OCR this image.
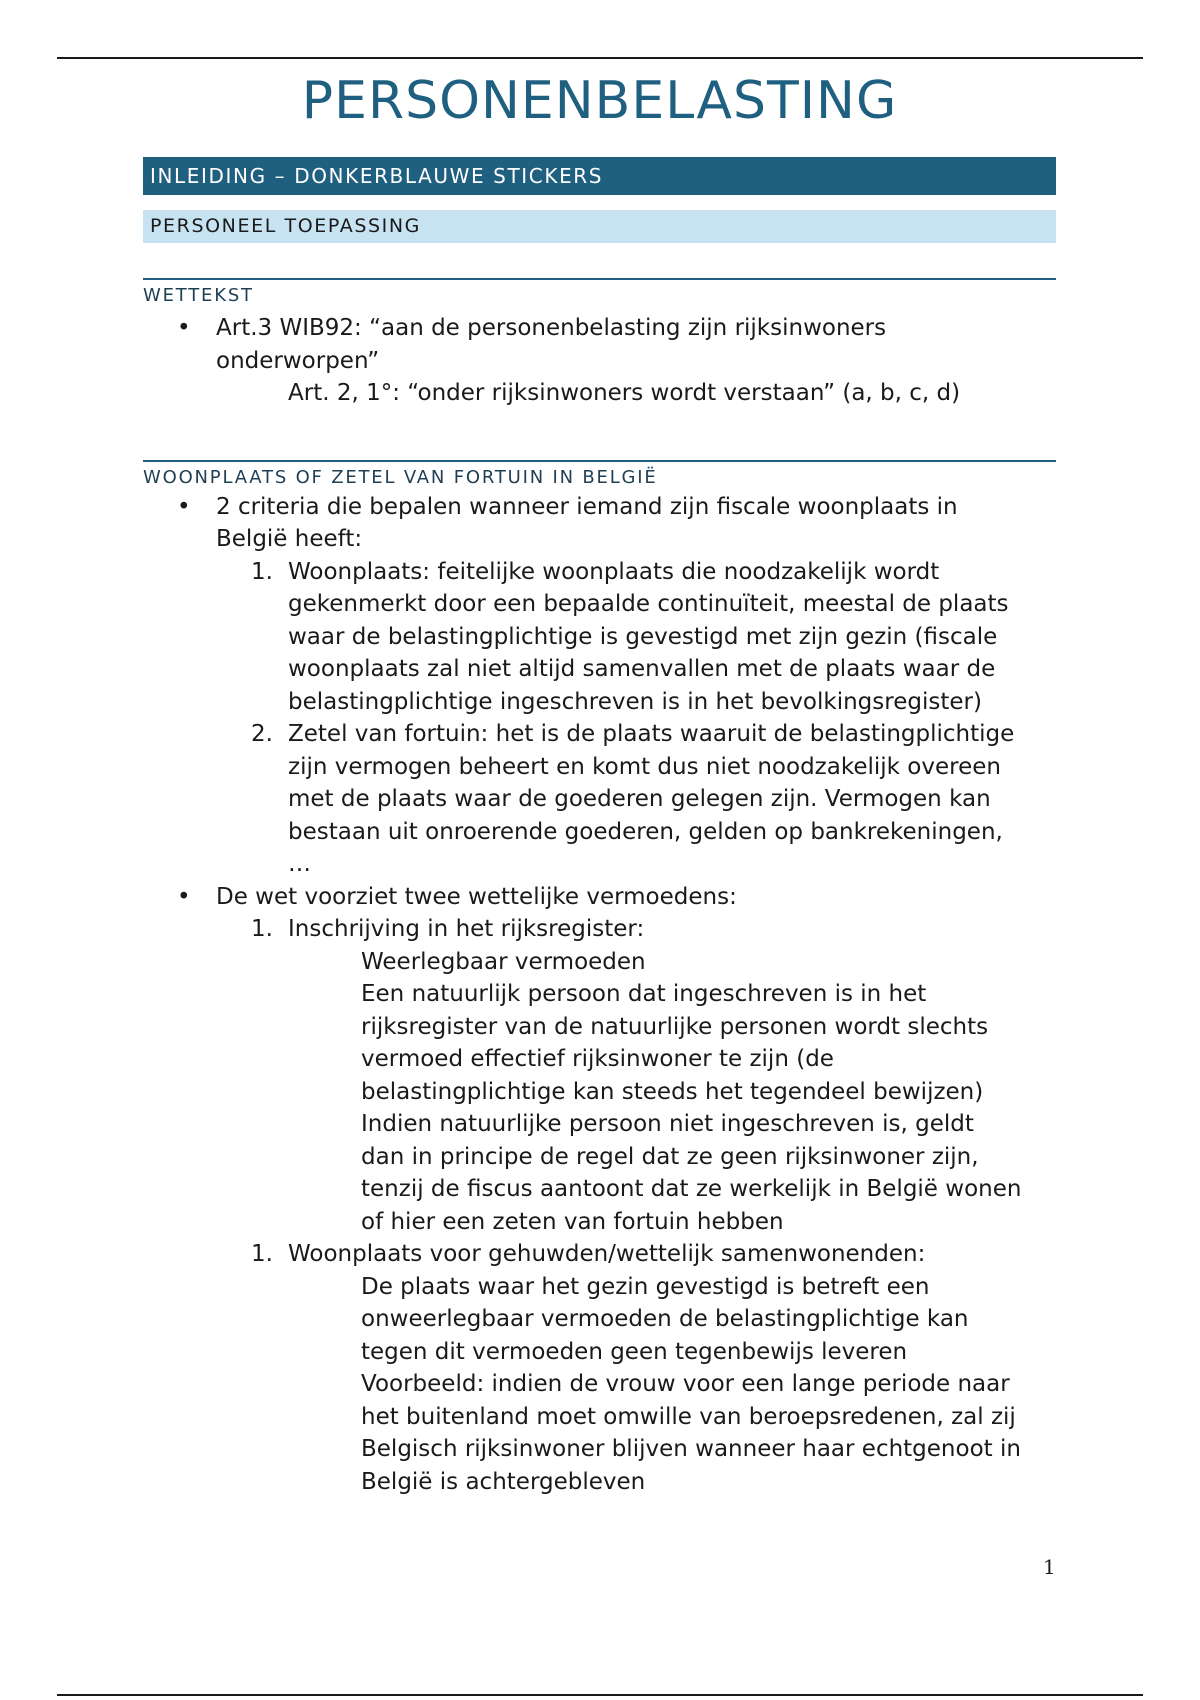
PERSONENBELASTING
INLEIDING – DONKERBLAUWE STICKERS
PERSONEEL TOEPASSING
WETTEKST
• Art.3 WIB92: “aan de personenbelasting zijn rijksinwoners
onderworpen”
Art. 2, 1°: “onder rijksinwoners wordt verstaan” (a, b, c, d)
WOONPLAATS OF ZETEL VAN FORTUIN IN BELGIË
• 2 criteria die bepalen wanneer iemand zijn fiscale woonplaats in
België heeft:
1. Woonplaats: feitelijke woonplaats die noodzakelijk wordt
gekenmerkt door een bepaalde continuïteit, meestal de plaats
waar de belastingplichtige is gevestigd met zijn gezin (fiscale
woonplaats zal niet altijd samenvallen met de plaats waar de
belastingplichtige ingeschreven is in het bevolkingsregister)
2. Zetel van fortuin: het is de plaats waaruit de belastingplichtige
zijn vermogen beheert en komt dus niet noodzakelijk overeen
met de plaats waar de goederen gelegen zijn. Vermogen kan
bestaan uit onroerende goederen, gelden op bankrekeningen,
…
• De wet voorziet twee wettelijke vermoedens:
1. Inschrijving in het rijksregister:
Weerlegbaar vermoeden
Een natuurlijk persoon dat ingeschreven is in het
rijksregister van de natuurlijke personen wordt slechts
vermoed effectief rijksinwoner te zijn (de
belastingplichtige kan steeds het tegendeel bewijzen)
Indien natuurlijke persoon niet ingeschreven is, geldt
dan in principe de regel dat ze geen rijksinwoner zijn,
tenzij de fiscus aantoont dat ze werkelijk in België wonen
of hier een zeten van fortuin hebben
1. Woonplaats voor gehuwden/wettelijk samenwonenden:
De plaats waar het gezin gevestigd is betreft een
onweerlegbaar vermoeden de belastingplichtige kan
tegen dit vermoeden geen tegenbewijs leveren
Voorbeeld: indien de vrouw voor een lange periode naar
het buitenland moet omwille van beroepsredenen, zal zij
Belgisch rijksinwoner blijven wanneer haar echtgenoot in
België is achtergebleven
1
